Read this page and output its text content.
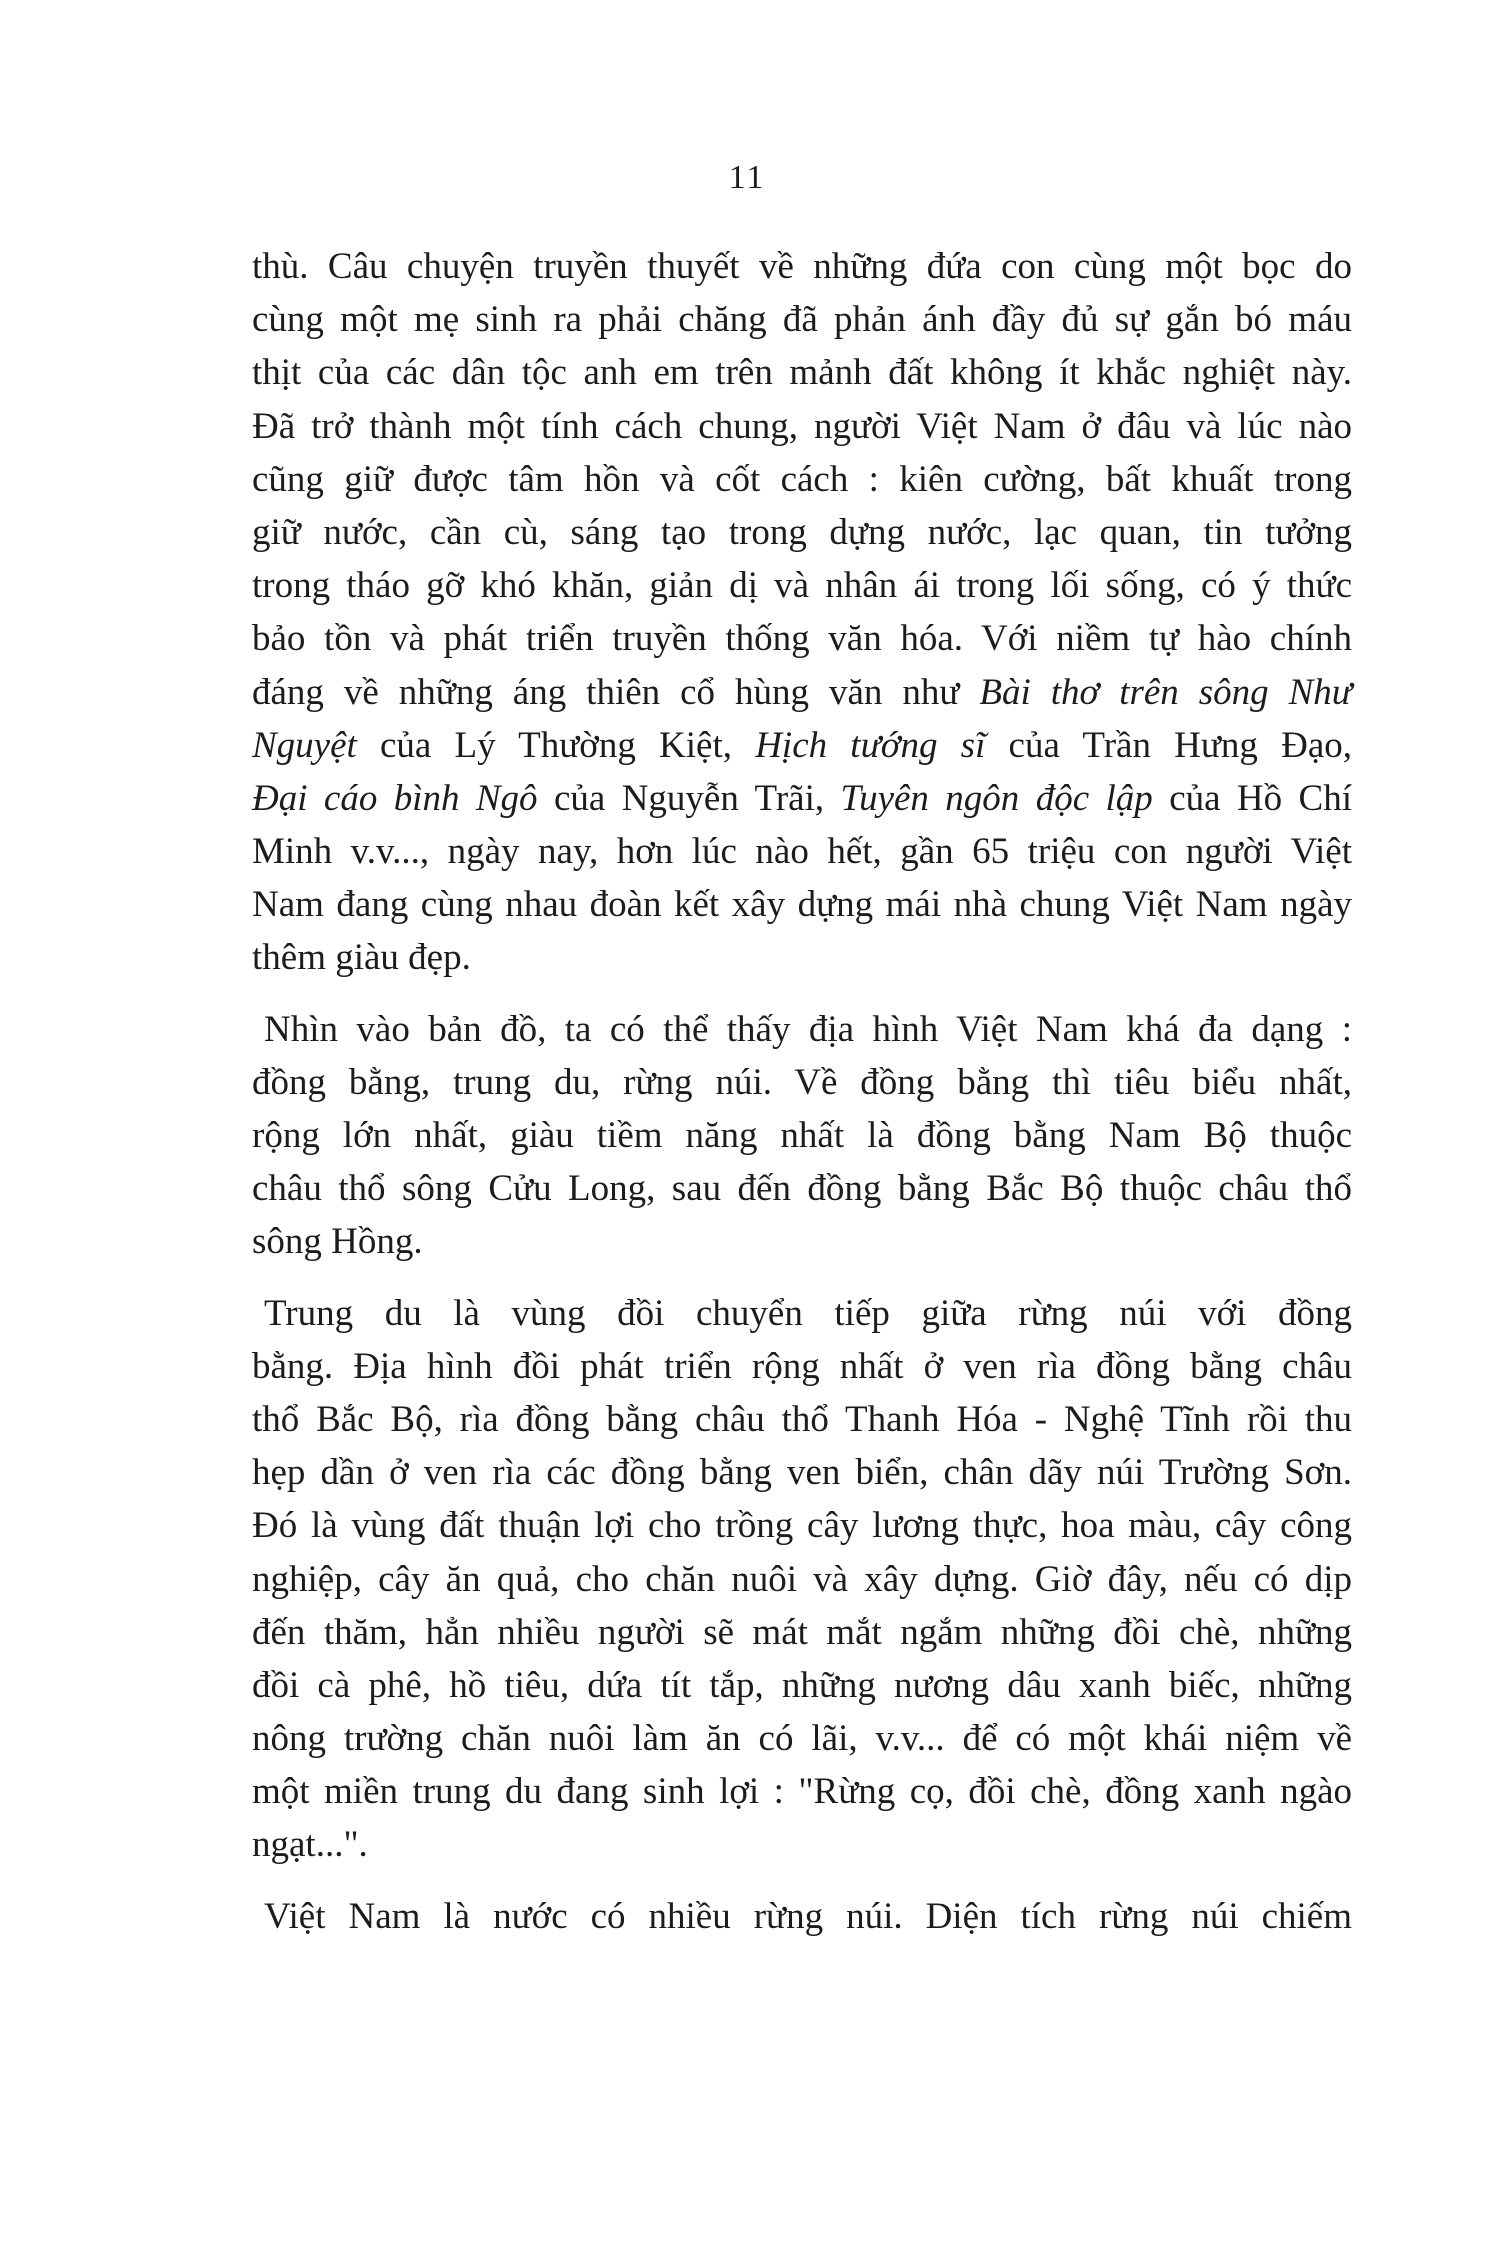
11
thù. Câu chuyện truyền thuyết về những đứa con cùng một bọc do
cùng một mẹ sinh ra phải chăng đã phản ánh đầy đủ sự gắn bó máu
thịt của các dân tộc anh em trên mảnh đất không ít khắc nghiệt này.
Đã trở thành một tính cách chung, người Việt Nam ở đâu và lúc nào
cũng giữ được tâm hồn và cốt cách : kiên cường, bất khuất trong
giữ nước, cần cù, sáng tạo trong dựng nước, lạc quan, tin tưởng
trong tháo gỡ khó khăn, giản dị và nhân ái trong lối sống, có ý thức
bảo tồn và phát triển truyền thống văn hóa. Với niềm tự hào chính
đáng về những áng thiên cổ hùng văn như Bài thơ trên sông Như
Nguyệt của Lý Thường Kiệt, Hịch tướng sĩ của Trần Hưng Đạo,
Đại cáo bình Ngô của Nguyễn Trãi, Tuyên ngôn độc lập của Hồ Chí
Minh v.v..., ngày nay, hơn lúc nào hết, gần 65 triệu con người Việt
Nam đang cùng nhau đoàn kết xây dựng mái nhà chung Việt Nam ngày
thêm giàu đẹp.
Nhìn vào bản đồ, ta có thể thấy địa hình Việt Nam khá đa dạng :
đồng bằng, trung du, rừng núi. Về đồng bằng thì tiêu biểu nhất,
rộng lớn nhất, giàu tiềm năng nhất là đồng bằng Nam Bộ thuộc
châu thổ sông Cửu Long, sau đến đồng bằng Bắc Bộ thuộc châu thổ
sông Hồng.
Trung du là vùng đồi chuyển tiếp giữa rừng núi với đồng
bằng. Địa hình đồi phát triển rộng nhất ở ven rìa đồng bằng châu
thổ Bắc Bộ, rìa đồng bằng châu thổ Thanh Hóa - Nghệ Tĩnh rồi thu
hẹp dần ở ven rìa các đồng bằng ven biển, chân dãy núi Trường Sơn.
Đó là vùng đất thuận lợi cho trồng cây lương thực, hoa màu, cây công
nghiệp, cây ăn quả, cho chăn nuôi và xây dựng. Giờ đây, nếu có dịp
đến thăm, hẳn nhiều người sẽ mát mắt ngắm những đồi chè, những
đồi cà phê, hồ tiêu, dứa tít tắp, những nương dâu xanh biếc, những
nông trường chăn nuôi làm ăn có lãi, v.v... để có một khái niệm về
một miền trung du đang sinh lợi : "Rừng cọ, đồi chè, đồng xanh ngào
ngạt...".
Việt Nam là nước có nhiều rừng núi. Diện tích rừng núi chiếm
